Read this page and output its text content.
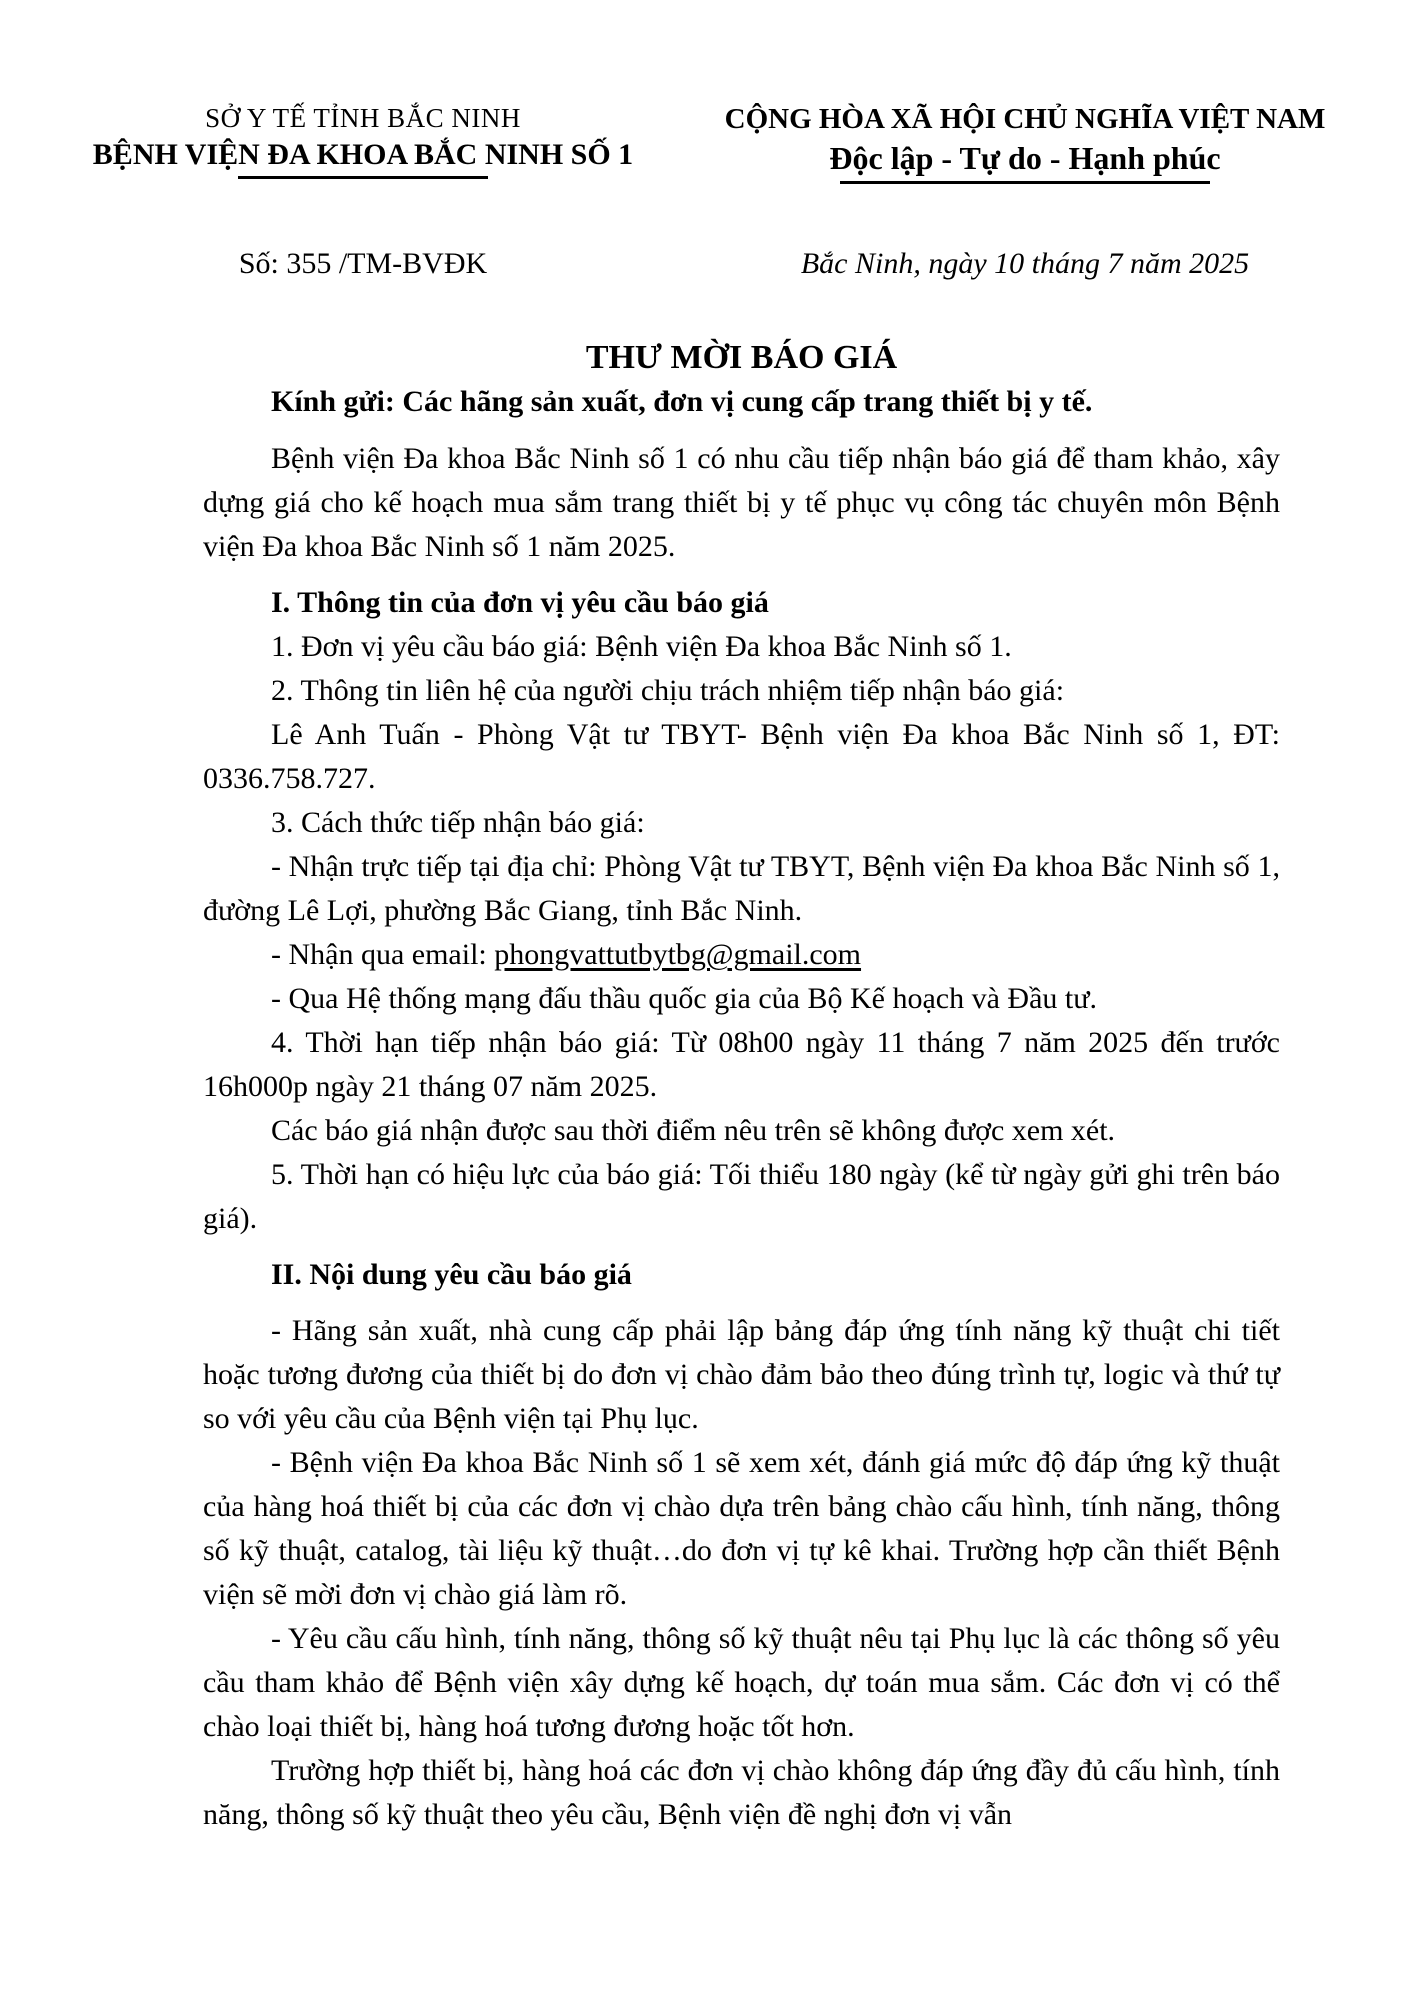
SỞ Y TẾ TỈNH BẮC NINH
BỆNH VIỆN ĐA KHOA BẮC NINH SỐ 1
CỘNG HÒA XÃ HỘI CHỦ NGHĨA VIỆT NAM
Độc lập - Tự do - Hạnh phúc
Số: 355 /TM-BVĐK	Bắc Ninh, ngày 10 tháng 7 năm 2025
THƯ MỜI BÁO GIÁ

Kính gửi: Các hãng sản xuất, đơn vị cung cấp trang thiết bị y tế.

Bệnh viện Đa khoa Bắc Ninh số 1 có nhu cầu tiếp nhận báo giá để tham khảo, xây dựng giá cho kế hoạch mua sắm trang thiết bị y tế phục vụ công tác chuyên môn Bệnh viện Đa khoa Bắc Ninh số 1 năm 2025.

I. Thông tin của đơn vị yêu cầu báo giá

1. Đơn vị yêu cầu báo giá: Bệnh viện Đa khoa Bắc Ninh số 1.

2. Thông tin liên hệ của người chịu trách nhiệm tiếp nhận báo giá:

Lê Anh Tuấn - Phòng Vật tư TBYT- Bệnh viện Đa khoa Bắc Ninh số 1, ĐT: 0336.758.727.

3. Cách thức tiếp nhận báo giá:

- Nhận trực tiếp tại địa chỉ: Phòng Vật tư TBYT, Bệnh viện Đa khoa Bắc Ninh số 1, đường Lê Lợi, phường Bắc Giang, tỉnh Bắc Ninh.

- Nhận qua email: phongvattutbytbg@gmail.com

- Qua Hệ thống mạng đấu thầu quốc gia của Bộ Kế hoạch và Đầu tư.

4. Thời hạn tiếp nhận báo giá: Từ 08h00 ngày 11 tháng 7 năm 2025 đến trước 16h000p ngày 21 tháng 07 năm 2025.

Các báo giá nhận được sau thời điểm nêu trên sẽ không được xem xét.

5. Thời hạn có hiệu lực của báo giá: Tối thiểu 180 ngày (kể từ ngày gửi ghi trên báo giá).

II. Nội dung yêu cầu báo giá

- Hãng sản xuất, nhà cung cấp phải lập bảng đáp ứng tính năng kỹ thuật chi tiết hoặc tương đương của thiết bị do đơn vị chào đảm bảo theo đúng trình tự, logic và thứ tự so với yêu cầu của Bệnh viện tại Phụ lục.

- Bệnh viện Đa khoa Bắc Ninh số 1 sẽ xem xét, đánh giá mức độ đáp ứng kỹ thuật của hàng hoá thiết bị của các đơn vị chào dựa trên bảng chào cấu hình, tính năng, thông số kỹ thuật, catalog, tài liệu kỹ thuật…do đơn vị tự kê khai. Trường hợp cần thiết Bệnh viện sẽ mời đơn vị chào giá làm rõ.

- Yêu cầu cấu hình, tính năng, thông số kỹ thuật nêu tại Phụ lục là các thông số yêu cầu tham khảo để Bệnh viện xây dựng kế hoạch, dự toán mua sắm. Các đơn vị có thể chào loại thiết bị, hàng hoá tương đương hoặc tốt hơn.

Trường hợp thiết bị, hàng hoá các đơn vị chào không đáp ứng đầy đủ cấu hình, tính năng, thông số kỹ thuật theo yêu cầu, Bệnh viện đề nghị đơn vị vẫn
